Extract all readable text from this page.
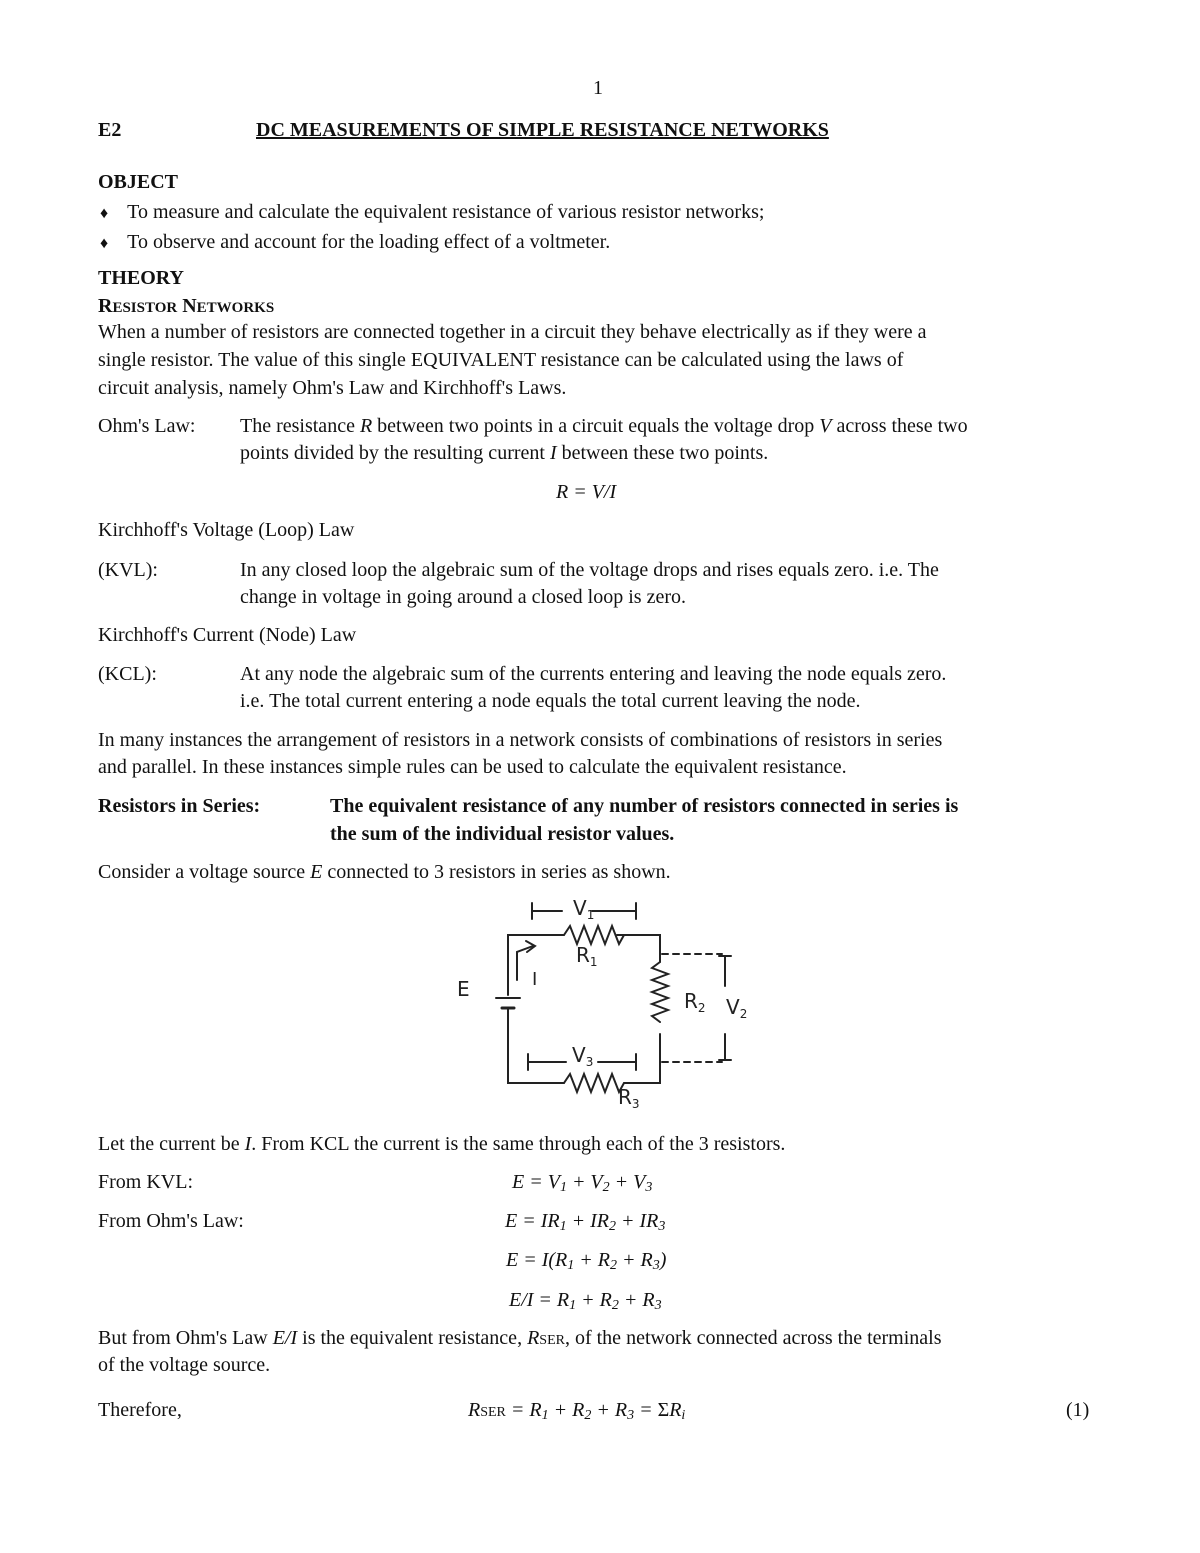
1
E2	DC MEASUREMENTS OF SIMPLE RESISTANCE NETWORKS
OBJECT
♦ To measure and calculate the equivalent resistance of various resistor networks;
♦ To observe and account for the loading effect of a voltmeter.
THEORY
RESISTOR NETWORKS
When a number of resistors are connected together in a circuit they behave electrically as if they were a
single resistor. The value of this single EQUIVALENT resistance can be calculated using the laws of
circuit analysis, namely Ohm's Law and Kirchhoff's Laws.
Ohm's Law: The resistance R between two points in a circuit equals the voltage drop V across these two
points divided by the resulting current I between these two points.
R = V/I
Kirchhoff's Voltage (Loop) Law
(KVL):	In any closed loop the algebraic sum of the voltage drops and rises equals zero. i.e. The
change in voltage in going around a closed loop is zero.
Kirchhoff's Current (Node) Law
(KCL):	At any node the algebraic sum of the currents entering and leaving the node equals zero.
i.e. The total current entering a node equals the total current leaving the node.
In many instances the arrangement of resistors in a network consists of combinations of resistors in series
and parallel. In these instances simple rules can be used to calculate the equivalent resistance.
Resistors in Series:	The equivalent resistance of any number of resistors connected in series is
the sum of the individual resistor values.
Consider a voltage source E connected to 3 resistors in series as shown.
E	I
$V_1$
$R_1$
$R_2$ $V_2$
$V_3$
$R_3$
Let the current be I. From KCL the current is the same through each of the 3 resistors.
From KVL:	$E = V_1 + V_2 + V_3$
From Ohm's Law:	$E = IR_1 + IR_2 + IR_3$
$E = I(R_1 + R_2 + R_3)$
$E/I = R_1 + R_2 + R_3$
But from Ohm's Law E/I is the equivalent resistance, RSER, of the network connected across the terminals
of the voltage source.
Therefore,	RSER = $R_1 + R_2 + R_3 = \Sigma R_i$	(1)
